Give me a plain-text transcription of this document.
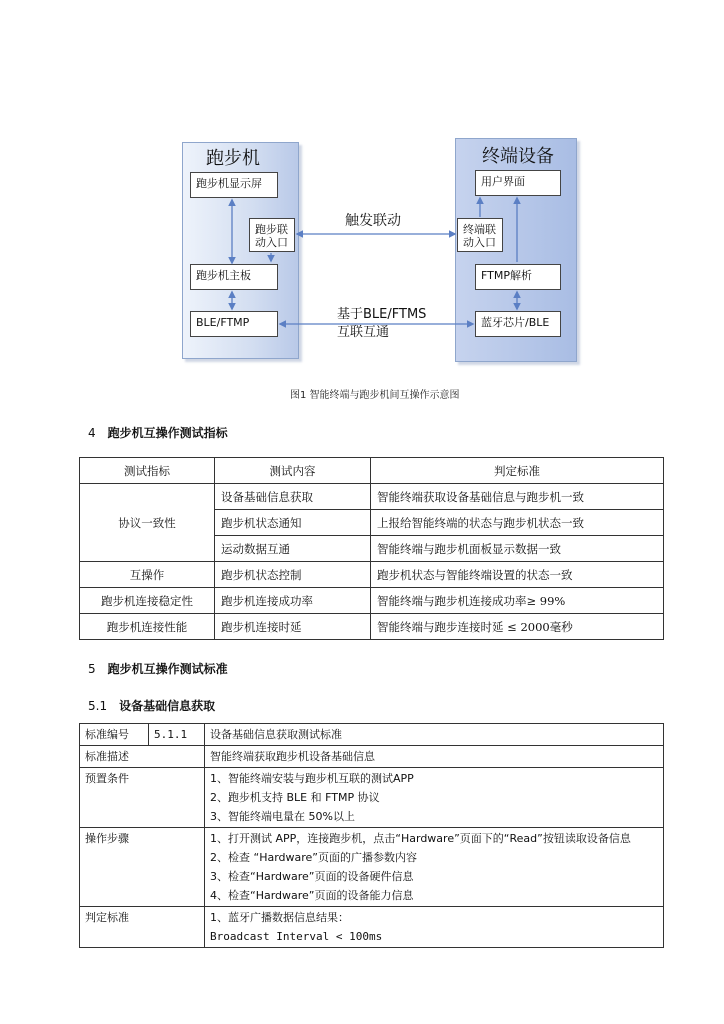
跑步机
跑步机显示屏
跑步联动入口
跑步机主板
BLE/FTMP
终端设备
用户界面
终端联动入口
FTMP解析
蓝牙芯片/BLE
触发联动
基于BLE/FTMS
互联互通
图1 智能终端与跑步机间互操作示意图
4 跑步机互操作测试指标
测试指标	测试内容	判定标准
协议一致性	设备基础信息获取	智能终端获取设备基础信息与跑步机一致
	跑步机状态通知	上报给智能终端的状态与跑步机状态一致
	运动数据互通	智能终端与跑步机面板显示数据一致
互操作	跑步机状态控制	跑步机状态与智能终端设置的状态一致
跑步机连接稳定性	跑步机连接成功率	智能终端与跑步机连接成功率≥ 99%
跑步机连接性能	跑步机连接时延	智能终端与跑步连接时延 ≤ 2000毫秒
5 跑步机互操作测试标准
5.1 设备基础信息获取
标准编号	5.1.1	设备基础信息获取测试标准
标准描述		智能终端获取跑步机设备基础信息
预置条件		1、智能终端安装与跑步机互联的测试APP
2、跑步机支持 BLE 和 FTMP 协议
3、智能终端电量在 50%以上

操作步骤		1、打开测试 APP，连接跑步机，点击“Hardware”页面下的“Read”按钮读取设备信息
2、检查 “Hardware”页面的广播参数内容
3、检查“Hardware”页面的设备硬件信息
4、检查“Hardware”页面的设备能力信息

判定标准		1、蓝牙广播数据信息结果：
Broadcast Interval < 100ms
